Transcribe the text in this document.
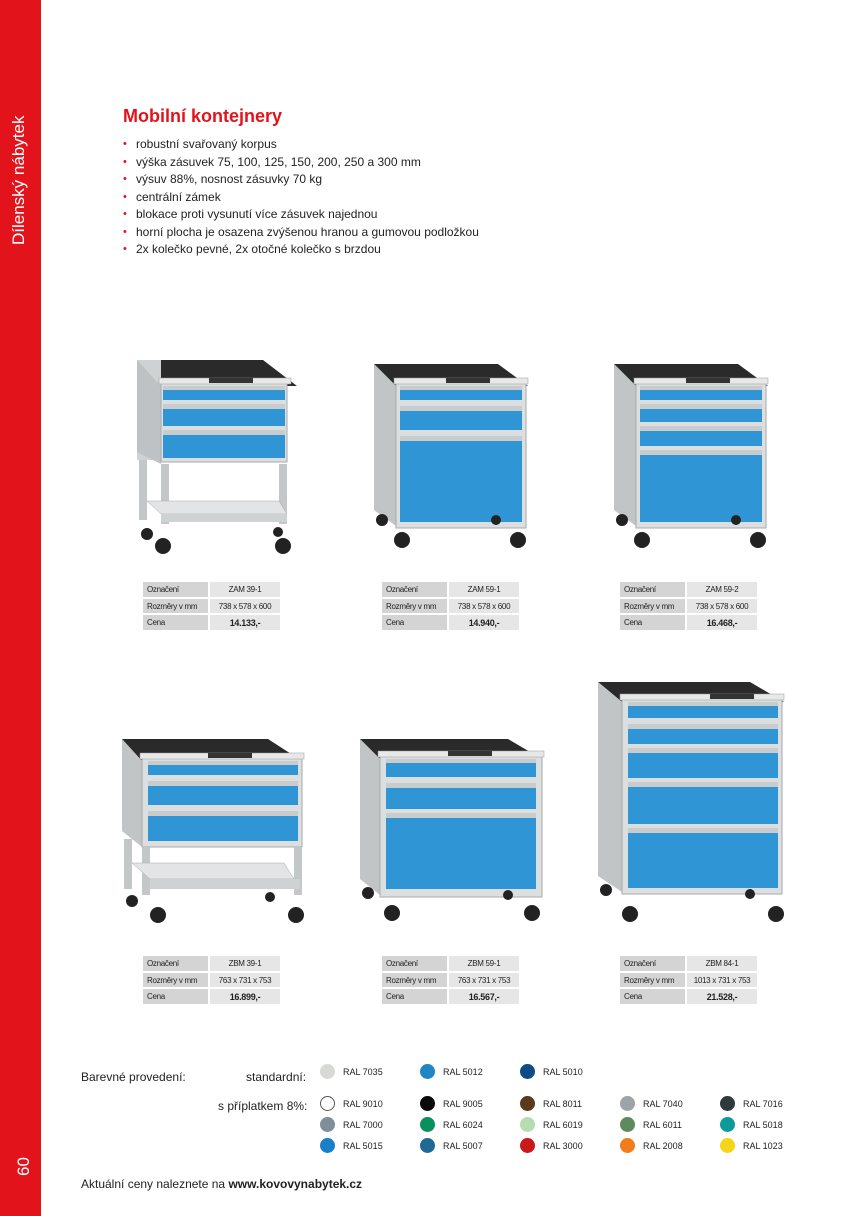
60
Mobilní kontejnery
• robustní svařovaný korpus
• výška zásuvek 75, 100, 125, 150, 200, 250 a 300 mm
• výsuv 88%, nosnost zásuvky 70 kg
• centrální zámek
• blokace proti vysunutí více zásuvek najednou
• horní plocha je osazena zvýšenou hranou a gumovou podložkou
• 2x kolečko pevné, 2x otočné kolečko s brzdou
Označení	ZAM 39-1
Rozměry v mm	738 x 578 x 600
Cena	14.133,-
Označení	ZAM 59-1
Rozměry v mm	738 x 578 x 600
Cena	14.940,-
Označení	ZAM 59-2
Rozměry v mm	738 x 578 x 600
Cena	16.468,-
Označení	ZBM 39-1
Rozměry v mm	763 x 731 x 753
Cena	16.899,-
Označení	ZBM 59-1
Rozměry v mm	763 x 731 x 753
Cena	16.567,-
Označení	ZBM 84-1
Rozměry v mm	1013 x 731 x 753
Cena	21.528,-
Barevné provedení:	standardní:
s příplatkem 8%:
RAL 7035	RAL 5012	RAL 5010
RAL 9010	RAL 9005	RAL 8011	RAL 7040	RAL 7016
RAL 7000	RAL 6024	RAL 6019	RAL 6011	RAL 5018
RAL 5015	RAL 5007	RAL 3000	RAL 2008	RAL 1023
Aktuální ceny naleznete na www.kovovynabytek.cz
